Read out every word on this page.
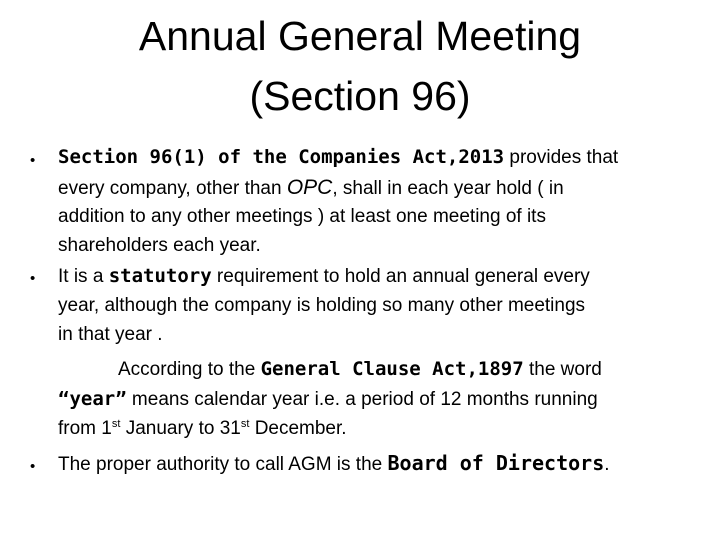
Annual General Meeting
(Section 96)
• Section 96(1) of the Companies Act,2013 provides that
every company, other than OPC, shall in each year hold ( in
addition to any other meetings ) at least one meeting of its
shareholders each year.
• It is a statutory requirement to hold an annual general every
year, although the company is holding so many other meetings
in that year .
According to the General Clause Act,1897 the word
“year” means calendar year i.e. a period of 12 months running
from 1st January to 31st December.
• The proper authority to call AGM is the Board of Directors.
